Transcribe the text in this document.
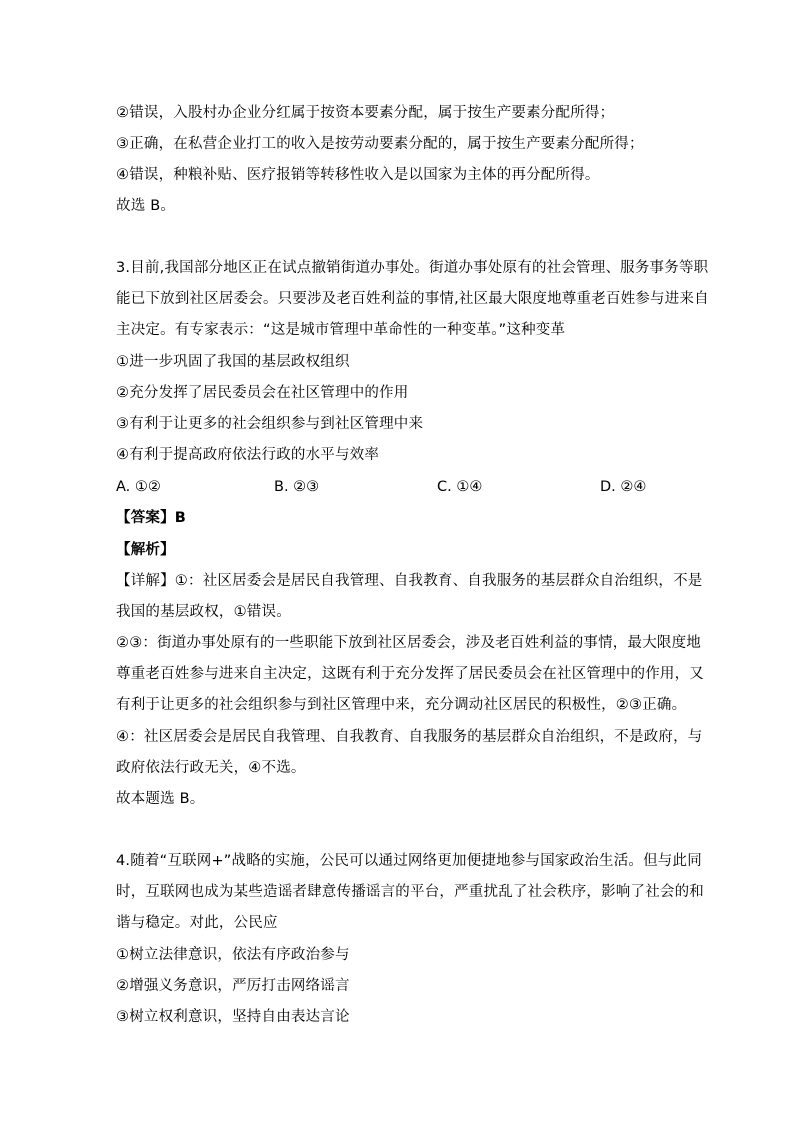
②错误，入股村办企业分红属于按资本要素分配，属于按生产要素分配所得；
③正确，在私营企业打工的收入是按劳动要素分配的，属于按生产要素分配所得；
④错误，种粮补贴、医疗报销等转移性收入是以国家为主体的再分配所得。
故选 B。
3.目前,我国部分地区正在试点撤销街道办事处。街道办事处原有的社会管理、服务事务等职
能已下放到社区居委会。只要涉及老百姓利益的事情,社区最大限度地尊重老百姓参与进来自
主决定。有专家表示：“这是城市管理中革命性的一种变革。”这种变革
①进一步巩固了我国的基层政权组织
②充分发挥了居民委员会在社区管理中的作用
③有利于让更多的社会组织参与到社区管理中来
④有利于提高政府依法行政的水平与效率
A. ①②	B. ②③	C. ①④	D. ②④
【答案】B
【解析】
【详解】①：社区居委会是居民自我管理、自我教育、自我服务的基层群众自治组织，不是
我国的基层政权，①错误。
②③：街道办事处原有的一些职能下放到社区居委会，涉及老百姓利益的事情，最大限度地
尊重老百姓参与进来自主决定，这既有利于充分发挥了居民委员会在社区管理中的作用，又
有利于让更多的社会组织参与到社区管理中来，充分调动社区居民的积极性，②③正确。
④：社区居委会是居民自我管理、自我教育、自我服务的基层群众自治组织，不是政府，与
政府依法行政无关，④不选。
故本题选 B。
4.随着“互联网+”战略的实施，公民可以通过网络更加便捷地参与国家政治生活。但与此同
时，互联网也成为某些造谣者肆意传播谣言的平台，严重扰乱了社会秩序，影响了社会的和
谐与稳定。对此，公民应
①树立法律意识，依法有序政治参与
②增强义务意识，严厉打击网络谣言
③树立权利意识，坚持自由表达言论
